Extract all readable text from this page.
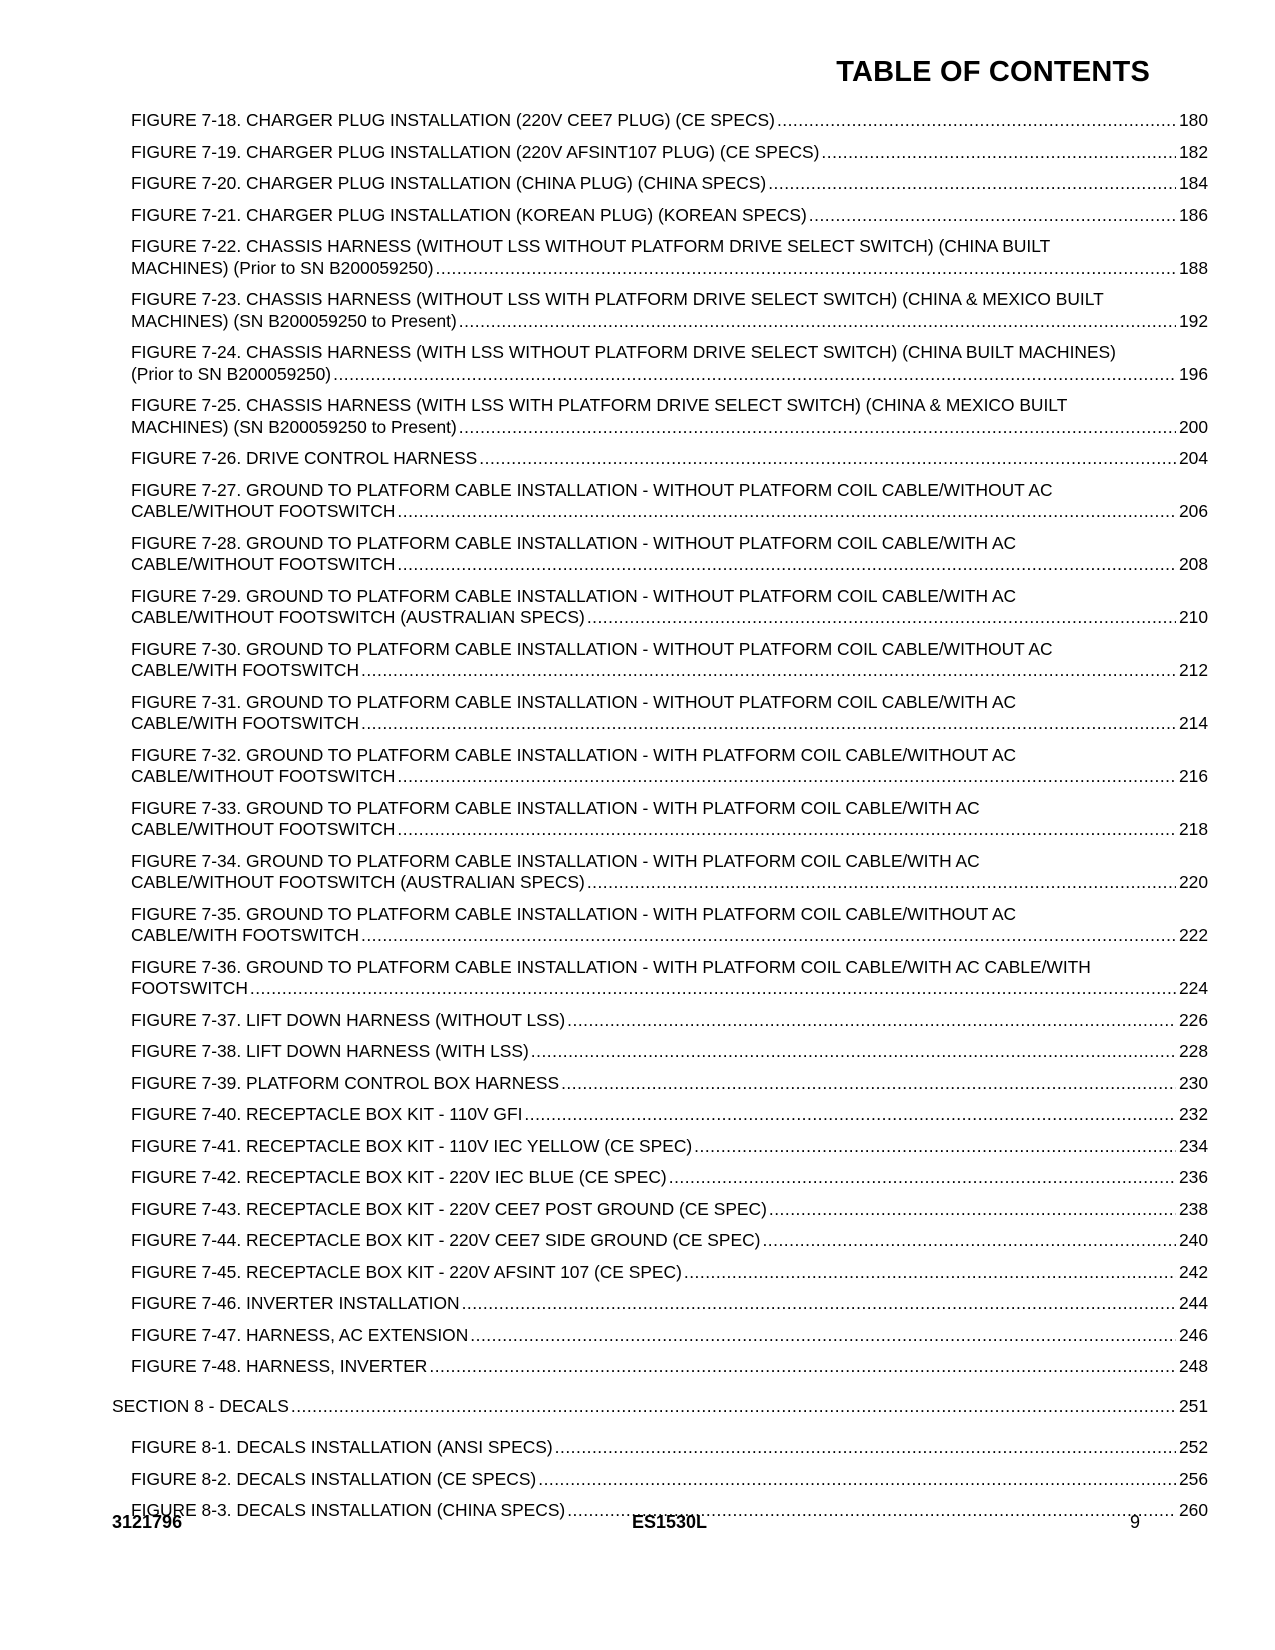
TABLE OF CONTENTS
FIGURE 7-18. CHARGER PLUG INSTALLATION (220V CEE7 PLUG) (CE SPECS) .....	180
FIGURE 7-19. CHARGER PLUG INSTALLATION (220V AFSINT107 PLUG) (CE SPECS) .....	182
FIGURE 7-20. CHARGER PLUG INSTALLATION (CHINA PLUG) (CHINA SPECS) .....	184
FIGURE 7-21. CHARGER PLUG INSTALLATION (KOREAN PLUG) (KOREAN SPECS) .....	186
FIGURE 7-22. CHASSIS HARNESS (WITHOUT LSS WITHOUT PLATFORM DRIVE SELECT SWITCH) (CHINA BUILT
MACHINES) (Prior to SN B200059250) .....	188
FIGURE 7-23. CHASSIS HARNESS (WITHOUT LSS WITH PLATFORM DRIVE SELECT SWITCH) (CHINA & MEXICO BUILT
MACHINES) (SN B200059250 to Present) .....	192
FIGURE 7-24. CHASSIS HARNESS (WITH LSS WITHOUT PLATFORM DRIVE SELECT SWITCH) (CHINA BUILT MACHINES)
(Prior to SN B200059250) .....	196
FIGURE 7-25. CHASSIS HARNESS (WITH LSS WITH PLATFORM DRIVE SELECT SWITCH) (CHINA & MEXICO BUILT
MACHINES) (SN B200059250 to Present) .....	200
FIGURE 7-26. DRIVE CONTROL HARNESS .....	204
FIGURE 7-27. GROUND TO PLATFORM CABLE INSTALLATION - WITHOUT PLATFORM COIL CABLE/WITHOUT AC
CABLE/WITHOUT FOOTSWITCH .....	206
FIGURE 7-28. GROUND TO PLATFORM CABLE INSTALLATION - WITHOUT PLATFORM COIL CABLE/WITH AC
CABLE/WITHOUT FOOTSWITCH .....	208
FIGURE 7-29. GROUND TO PLATFORM CABLE INSTALLATION - WITHOUT PLATFORM COIL CABLE/WITH AC
CABLE/WITHOUT FOOTSWITCH (AUSTRALIAN SPECS) .....	210
FIGURE 7-30. GROUND TO PLATFORM CABLE INSTALLATION - WITHOUT PLATFORM COIL CABLE/WITHOUT AC
CABLE/WITH FOOTSWITCH .....	212
FIGURE 7-31. GROUND TO PLATFORM CABLE INSTALLATION - WITHOUT PLATFORM COIL CABLE/WITH AC
CABLE/WITH FOOTSWITCH .....	214
FIGURE 7-32. GROUND TO PLATFORM CABLE INSTALLATION - WITH PLATFORM COIL CABLE/WITHOUT AC
CABLE/WITHOUT FOOTSWITCH .....	216
FIGURE 7-33. GROUND TO PLATFORM CABLE INSTALLATION - WITH PLATFORM COIL CABLE/WITH AC
CABLE/WITHOUT FOOTSWITCH .....	218
FIGURE 7-34. GROUND TO PLATFORM CABLE INSTALLATION - WITH PLATFORM COIL CABLE/WITH AC
CABLE/WITHOUT FOOTSWITCH (AUSTRALIAN SPECS) .....	220
FIGURE 7-35. GROUND TO PLATFORM CABLE INSTALLATION - WITH PLATFORM COIL CABLE/WITHOUT AC
CABLE/WITH FOOTSWITCH .....	222
FIGURE 7-36. GROUND TO PLATFORM CABLE INSTALLATION - WITH PLATFORM COIL CABLE/WITH AC CABLE/WITH
FOOTSWITCH .....	224
FIGURE 7-37. LIFT DOWN HARNESS (WITHOUT LSS) .....	226
FIGURE 7-38. LIFT DOWN HARNESS (WITH LSS) .....	228
FIGURE 7-39. PLATFORM CONTROL BOX HARNESS .....	230
FIGURE 7-40. RECEPTACLE BOX KIT - 110V GFI .....	232
FIGURE 7-41. RECEPTACLE BOX KIT - 110V IEC YELLOW (CE SPEC) .....	234
FIGURE 7-42. RECEPTACLE BOX KIT - 220V IEC BLUE (CE SPEC) .....	236
FIGURE 7-43. RECEPTACLE BOX KIT - 220V CEE7 POST GROUND (CE SPEC) .....	238
FIGURE 7-44. RECEPTACLE BOX KIT - 220V CEE7 SIDE GROUND (CE SPEC) .....	240
FIGURE 7-45. RECEPTACLE BOX KIT - 220V AFSINT 107 (CE SPEC) .....	242
FIGURE 7-46. INVERTER INSTALLATION .....	244
FIGURE 7-47. HARNESS, AC EXTENSION .....	246
FIGURE 7-48. HARNESS, INVERTER .....	248
SECTION 8 - DECALS .....	251
FIGURE 8-1. DECALS INSTALLATION (ANSI SPECS) .....	252
FIGURE 8-2. DECALS INSTALLATION (CE SPECS) .....	256
FIGURE 8-3. DECALS INSTALLATION (CHINA SPECS) .....	260
3121796	ES1530L	9
